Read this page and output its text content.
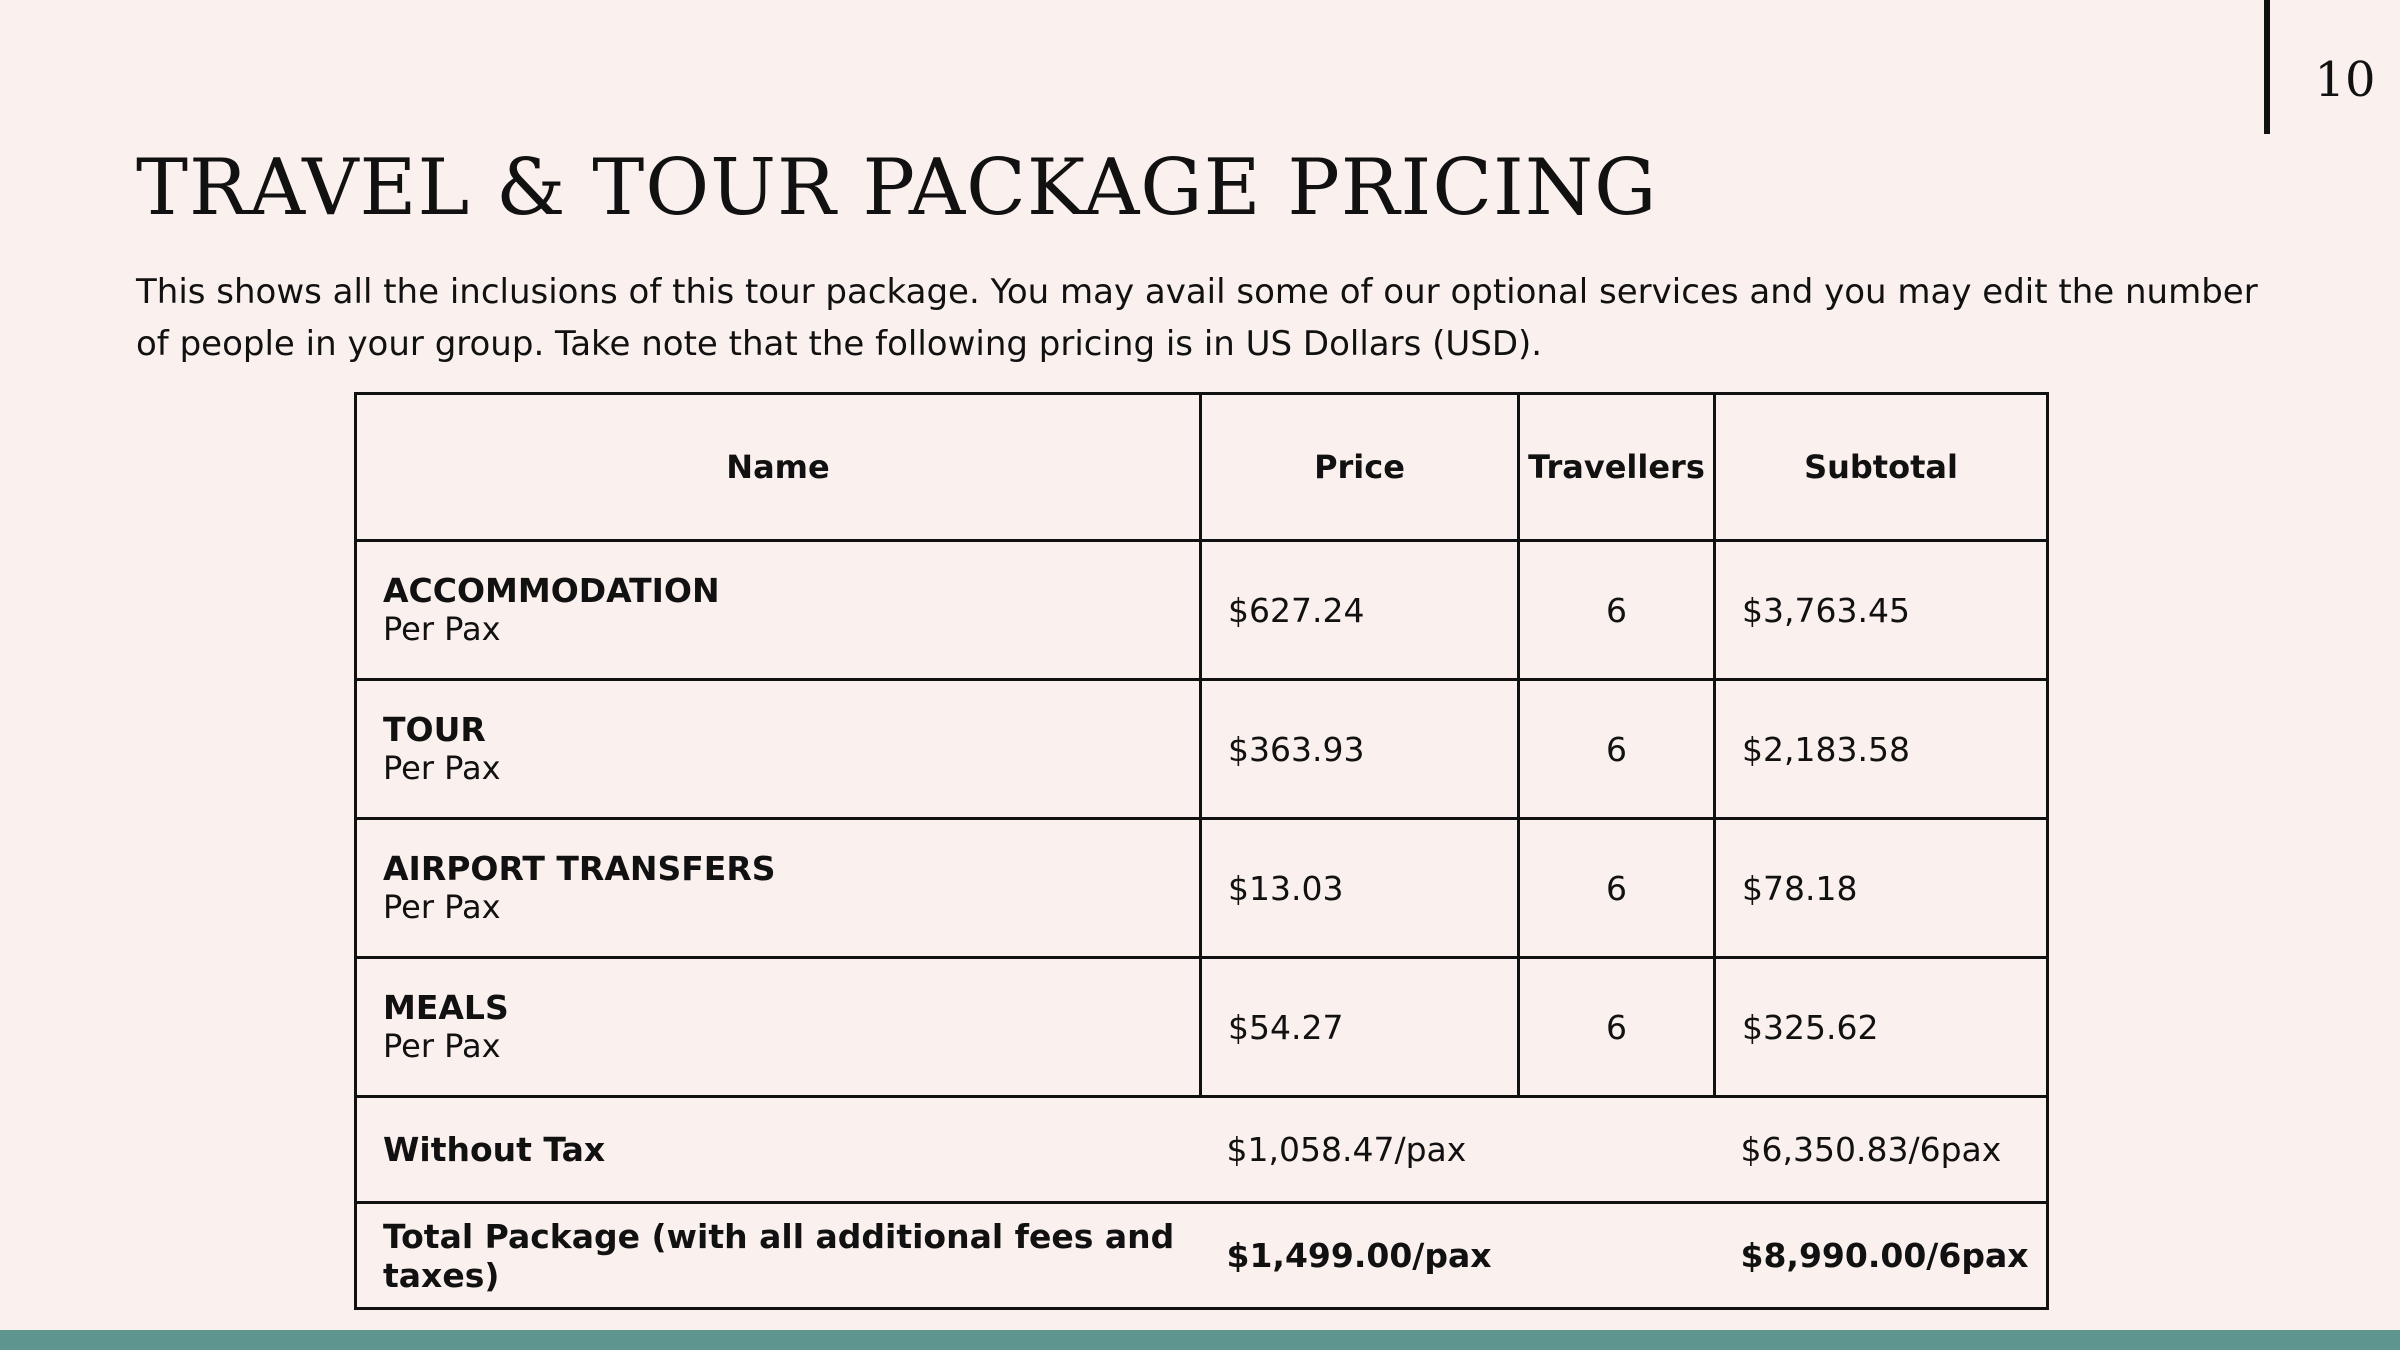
10
TRAVEL & TOUR PACKAGE PRICING

This shows all the inclusions of this tour package. You may avail some of our optional services and you may edit the number of people in your group. Take note that the following pricing is in US Dollars (USD).

Name	Price	Travellers	Subtotal

ACCOMMODATION
Per Pax	$627.24	6	$3,763.45

TOUR
Per Pax	$363.93	6	$2,183.58

AIRPORT TRANSFERS
Per Pax	$13.03	6	$78.18

MEALS
Per Pax	$54.27	6	$325.62
Without Tax	$1,058.47/pax		$6,350.83/6pax
Total Package (with all additional fees and taxes)	$1,499.00/pax		$8,990.00/6pax
